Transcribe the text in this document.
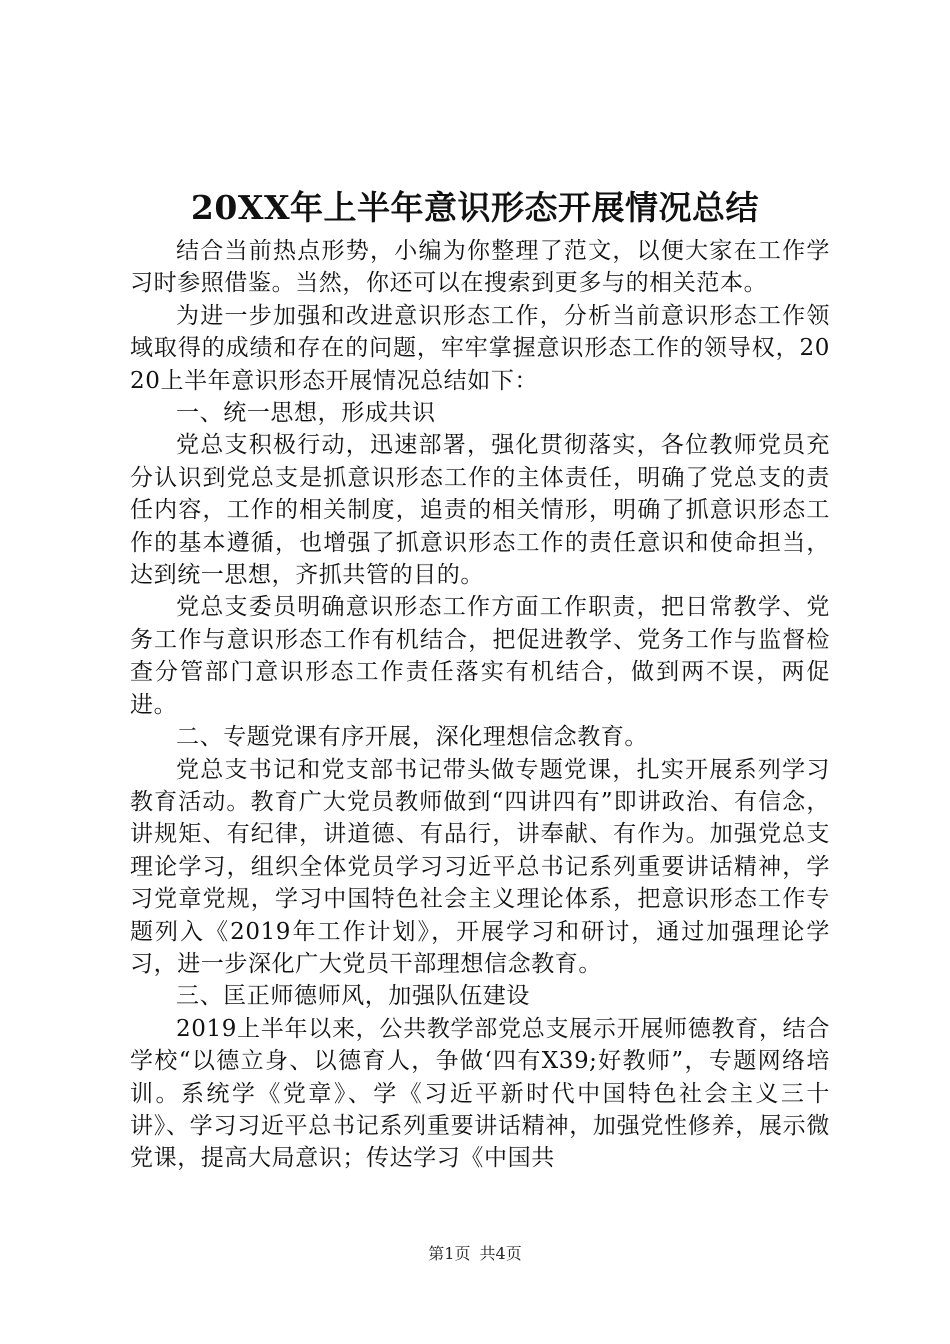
20XX年上半年意识形态开展情况总结

结合当前热点形势，小编为你整理了范文，以便大家在工作学习时参照借鉴。当然，你还可以在搜索到更多与的相关范本。

为进一步加强和改进意识形态工作，分析当前意识形态工作领域取得的成绩和存在的问题，牢牢掌握意识形态工作的领导权，2020上半年意识形态开展情况总结如下：

一、统一思想，形成共识

党总支积极行动，迅速部署，强化贯彻落实，各位教师党员充分认识到党总支是抓意识形态工作的主体责任，明确了党总支的责任内容，工作的相关制度，追责的相关情形，明确了抓意识形态工作的基本遵循，也增强了抓意识形态工作的责任意识和使命担当，达到统一思想，齐抓共管的目的。

党总支委员明确意识形态工作方面工作职责，把日常教学、党务工作与意识形态工作有机结合，把促进教学、党务工作与监督检查分管部门意识形态工作责任落实有机结合，做到两不误，两促进。

二、专题党课有序开展，深化理想信念教育。

党总支书记和党支部书记带头做专题党课，扎实开展系列学习教育活动。教育广大党员教师做到“四讲四有”即讲政治、有信念，讲规矩、有纪律，讲道德、有品行，讲奉献、有作为。加强党总支理论学习，组织全体党员学习习近平总书记系列重要讲话精神，学习党章党规，学习中国特色社会主义理论体系，把意识形态工作专题列入《2019年工作计划》，开展学习和研讨，通过加强理论学习，进一步深化广大党员干部理想信念教育。

三、匡正师德师风，加强队伍建设

2019上半年以来，公共教学部党总支展示开展师德教育，结合学校“以德立身、以德育人，争做‘四有X39;好教师”，专题网络培训。系统学《党章》、学《习近平新时代中国特色社会主义三十讲》、学习习近平总书记系列重要讲话精神，加强党性修养，展示微党课，提高大局意识；传达学习《中国共

第1页 共4页
